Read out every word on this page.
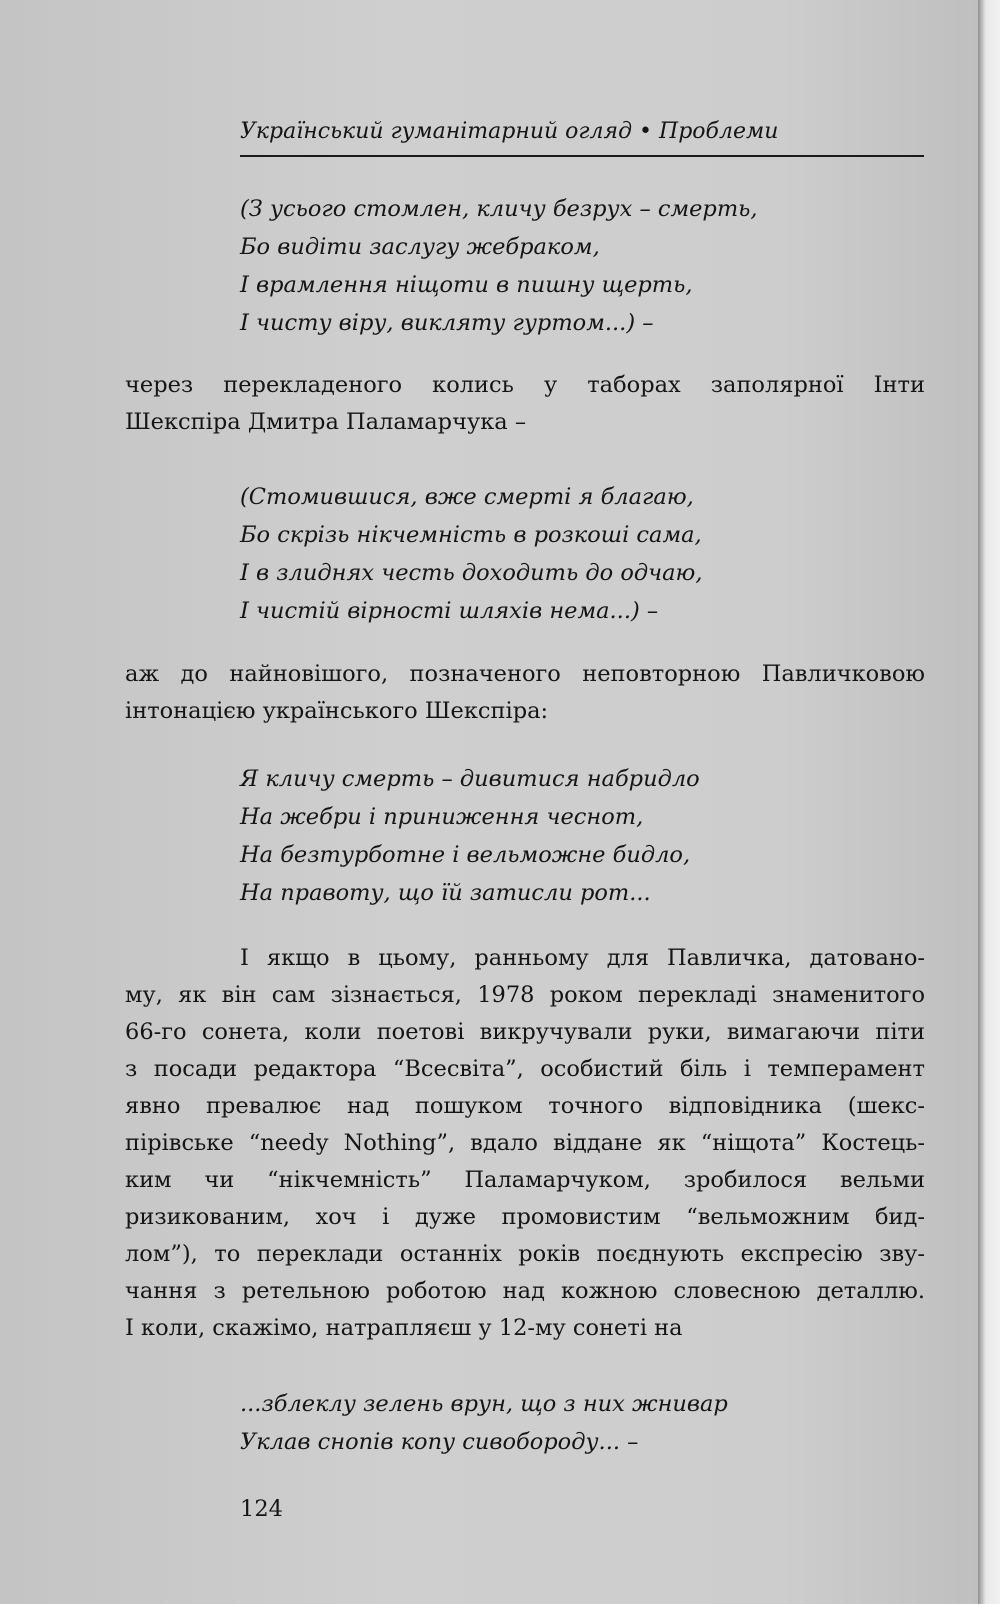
Український гуманітарний огляд • Проблеми
(З усього стомлен, кличу безрух – смерть,
Бо видіти заслугу жебраком,
І врамлення ніщоти в пишну щерть,
І чисту віру, викляту гуртом...) –
через перекладеного колись у таборах заполярної Інти
Шекспіра Дмитра Паламарчука –
(Стомившися, вже смерті я благаю,
Бо скрізь нікчемність в розкоші сама,
І в злиднях честь доходить до одчаю,
І чистій вірності шляхів нема...) –
аж до найновішого, позначеного неповторною Павличковою
інтонацією українського Шекспіра:
Я кличу смерть – дивитися набридло
На жебри і приниження чеснот,
На безтурботне і вельможне бидло,
На правоту, що їй затисли рот...
І якщо в цьому, ранньому для Павличка, датовано-
му, як він сам зізнається, 1978 роком перекладі знаменитого
66-го сонета, коли поетові викручували руки, вимагаючи піти
з посади редактора “Всесвіта”, особистий біль і темперамент
явно превалює над пошуком точного відповідника (шекс-
пірівське “needy Nothing”, вдало віддане як “ніщота” Костець-
ким чи “нікчемність” Паламарчуком, зробилося вельми
ризикованим, хоч і дуже промовистим “вельможним бид-
лом”), то переклади останніх років поєднують експресію зву-
чання з ретельною роботою над кожною словесною деталлю.
І коли, скажімо, натрапляєш у 12-му сонеті на
...зблеклу зелень врун, що з них жнивар
Уклав снопів копу сивобороду... –
124
